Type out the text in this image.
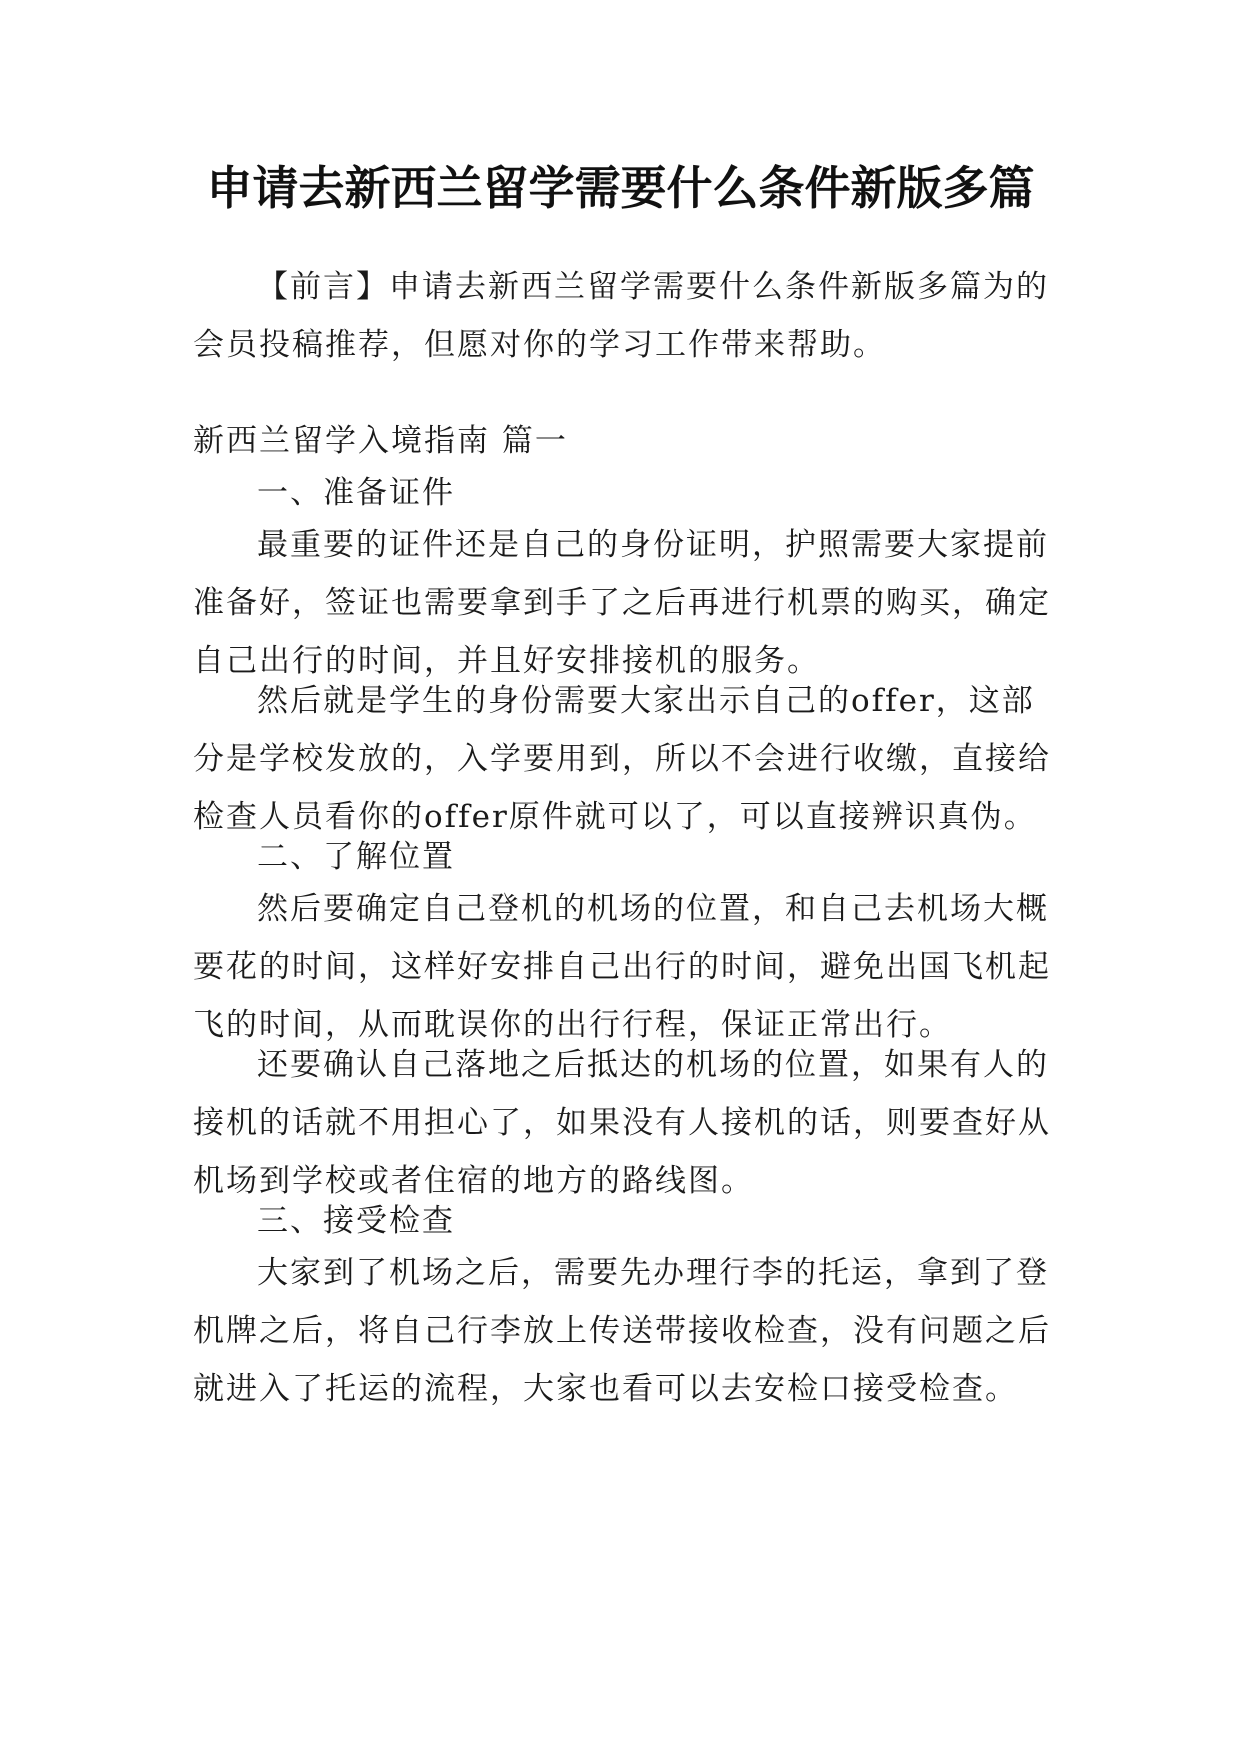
申请去新西兰留学需要什么条件新版多篇

【前言】申请去新西兰留学需要什么条件新版多篇为的会员投稿推荐，但愿对你的学习工作带来帮助。

新西兰留学入境指南 篇一

一、准备证件

最重要的证件还是自己的身份证明，护照需要大家提前准备好，签证也需要拿到手了之后再进行机票的购买，确定自己出行的时间，并且好安排接机的服务。

然后就是学生的身份需要大家出示自己的offer，这部分是学校发放的，入学要用到，所以不会进行收缴，直接给检查人员看你的offer原件就可以了，可以直接辨识真伪。

二、了解位置

然后要确定自己登机的机场的位置，和自己去机场大概要花的时间，这样好安排自己出行的时间，避免出国飞机起飞的时间，从而耽误你的出行行程，保证正常出行。

还要确认自己落地之后抵达的机场的位置，如果有人的接机的话就不用担心了，如果没有人接机的话，则要查好从机场到学校或者住宿的地方的路线图。

三、接受检查

大家到了机场之后，需要先办理行李的托运，拿到了登机牌之后，将自己行李放上传送带接收检查，没有问题之后就进入了托运的流程，大家也看可以去安检口接受检查。
